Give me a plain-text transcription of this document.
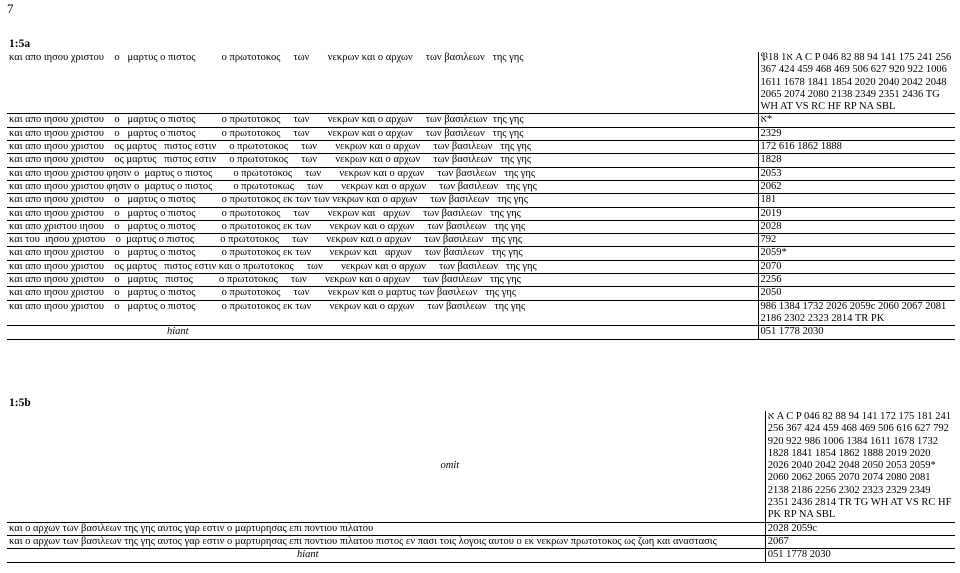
7
1:5a
και απο ιησου χριστου    ο   μαρτυς ο πιστος          ο πρωτοτοκος     των       νεκρων και ο αρχων     των βασιλεων   της γης	𝔓18 א1 A C P 046 82 88 94 141 175 241 256 367 424 459 468 469 506 627 920 922 1006 1611 1678 1841 1854 2020 2040 2042 2048 2065 2074 2080 2138 2349 2351 2436 TG WH AT VS RC HF RP NA SBL
και απο ιησου χριστου    ο   μαρτυς ο πιστος          ο πρωτοτοκος     των       νεκρων και ο αρχων     των βασιλειων  της γης	א*
και απο ιησου χριστου    ο   μαρτυς ο πιστος          ο πρωτοτοκος     των       νεκρων και ο αρχων     των βασιλεων   της γης	2329
και απο ιησου χριστου    ος μαρτυς   πιστος εστιν     ο πρωτοτοκος     των       νεκρων και ο αρχων     των βασιλεων   της γης	172 616 1862 1888
και απο ιησου χριστου    ος μαρτυς   πιστος εστιν     ο πρωτοτοκος     των       νεκρων και ο αρχων     των βασιλεων   της γης	1828
και απο ιησου χριστου φησιν ο  μαρτυς ο πιστος        ο πρωτοτοκος     των       νεκρων και ο αρχων     των βασιλεων   της γης	2053
και απο ιησου χριστου φησιν ο  μαρτυς ο πιστος        ο πρωτοτοκως     των       νεκρων και ο αρχων     των βασιλεων   της γης	2062
και απο ιησου χριστου    ο   μαρτυς ο πιστος          ο πρωτοτοκος εκ των των νεκρων και ο αρχων     των βασιλεων   της γης	181
και απο ιησου χριστου    ο   μαρτυς ο πιστος          ο πρωτοτοκος     των       νεκρων και   αρχων     των βασιλεων   της γης	2019
και απο χριστου ιησου    ο   μαρτυς ο πιστος          ο πρωτοτοκος εκ των       νεκρων και ο αρχων     των βασιλεων   της γης	2028
και του  ιησου χριστου    ο  μαρτυς ο πιστος          ο πρωτοτοκος     των       νεκρων και ο αρχων     των βασιλεων   της γης	792
και απο ιησου χριστου    ο   μαρτυς ο πιστος          ο πρωτοτοκος εκ των       νεκρων και   αρχων     των βασιλεων   της γης	2059*
και απο ιησου χριστου    ος μαρτυς   πιστος εστιν και ο πρωτοτοκος     των       νεκρων και ο αρχων     των βασιλεων   της γης	2070
και απο ιησου χριστου    ο   μαρτυς   πιστος          ο πρωτοτοκος     των       νεκρων και ο αρχων     των βασιλεων   της γης	2256
και απο ιησου χριστου    ο   μαρτυς ο πιστος          ο πρωτοτοκος     των       νεκρων και ο μαρτυς των βασιλεων   της γης	2050
και απο ιησου χριστου    ο   μαρτυς ο πιστος          ο πρωτοτοκος εκ των       νεκρων και ο αρχων     των βασιλεων   της γης	986 1384 1732 2026 2059c 2060 2067 2081 2186 2302 2323 2814 TR PK
hiant	051 1778 2030
1:5b
omit	א A C P 046 82 88 94 141 172 175 181 241 256 367 424 459 468 469 506 616 627 792 920 922 986 1006 1384 1611 1678 1732 1828 1841 1854 1862 1888 2019 2020 2026 2040 2042 2048 2050 2053 2059* 2060 2062 2065 2070 2074 2080 2081 2138 2186 2256 2302 2323 2329 2349 2351 2436 2814 TR TG WH AT VS RC HF PK RP NA SBL
και ο αρχων των βασιλεων της γης αυτος γαρ εστιν ο μαρτυρησας επι ποντιου πιλατου	2028 2059c
και ο αρχων των βασιλεων της γης αυτος γαρ εστιν ο μαρτυρησας επι ποντιου πιλατου πιστος εν πασι τοις λογοις αυτου ο εκ νεκρων πρωτοτοκος ως ζωη και αναστασις	2067
hiant	051 1778 2030
